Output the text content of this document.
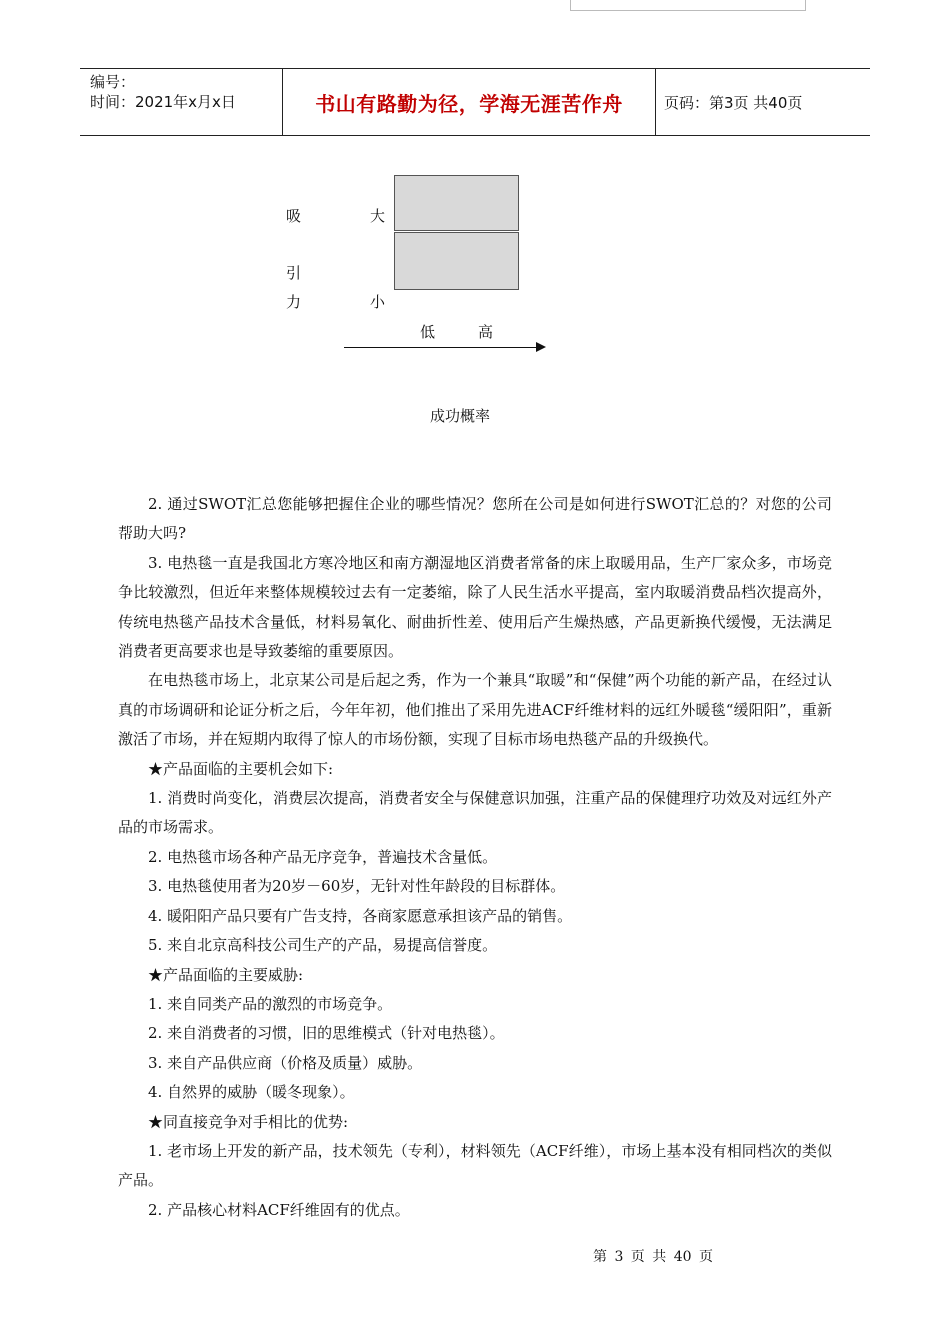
编号：
时间：2021年x月x日	书山有路勤为径，学海无涯苦作舟	页码：第3页 共40页
吸
引
力
大
小
低	高
成功概率

2. 通过SWOT汇总您能够把握住企业的哪些情况？您所在公司是如何进行SWOT汇总的？对您的公司帮助大吗?

3. 电热毯一直是我国北方寒冷地区和南方潮湿地区消费者常备的床上取暖用品，生产厂家众多，市场竞争比较激烈，但近年来整体规模较过去有一定萎缩，除了人民生活水平提高，室内取暖消费品档次提高外，传统电热毯产品技术含量低，材料易氧化、耐曲折性差、使用后产生燥热感，产品更新换代缓慢，无法满足消费者更高要求也是导致萎缩的重要原因。

在电热毯市场上，北京某公司是后起之秀，作为一个兼具“取暖”和“保健”两个功能的新产品，在经过认真的市场调研和论证分析之后，今年年初，他们推出了采用先进ACF纤维材料的远红外暖毯“缓阳阳”，重新激活了市场，并在短期内取得了惊人的市场份额，实现了目标市场电热毯产品的升级换代。

★产品面临的主要机会如下:

1. 消费时尚变化，消费层次提高，消费者安全与保健意识加强，注重产品的保健理疗功效及对远红外产品的市场需求。

2. 电热毯市场各种产品无序竞争，普遍技术含量低。

3. 电热毯使用者为20岁－60岁，无针对性年龄段的目标群体。

4. 暖阳阳产品只要有广告支持，各商家愿意承担该产品的销售。

5. 来自北京高科技公司生产的产品，易提高信誉度。

★产品面临的主要威胁:

1. 来自同类产品的激烈的市场竞争。

2. 来自消费者的习惯，旧的思维模式（针对电热毯）。

3. 来自产品供应商（价格及质量）威胁。

4. 自然界的威胁（暖冬现象）。

★同直接竞争对手相比的优势:

1. 老市场上开发的新产品，技术领先（专利），材料领先（ACF纤维），市场上基本没有相同档次的类似产品。

2. 产品核心材料ACF纤维固有的优点。

第 3 页 共 40 页
